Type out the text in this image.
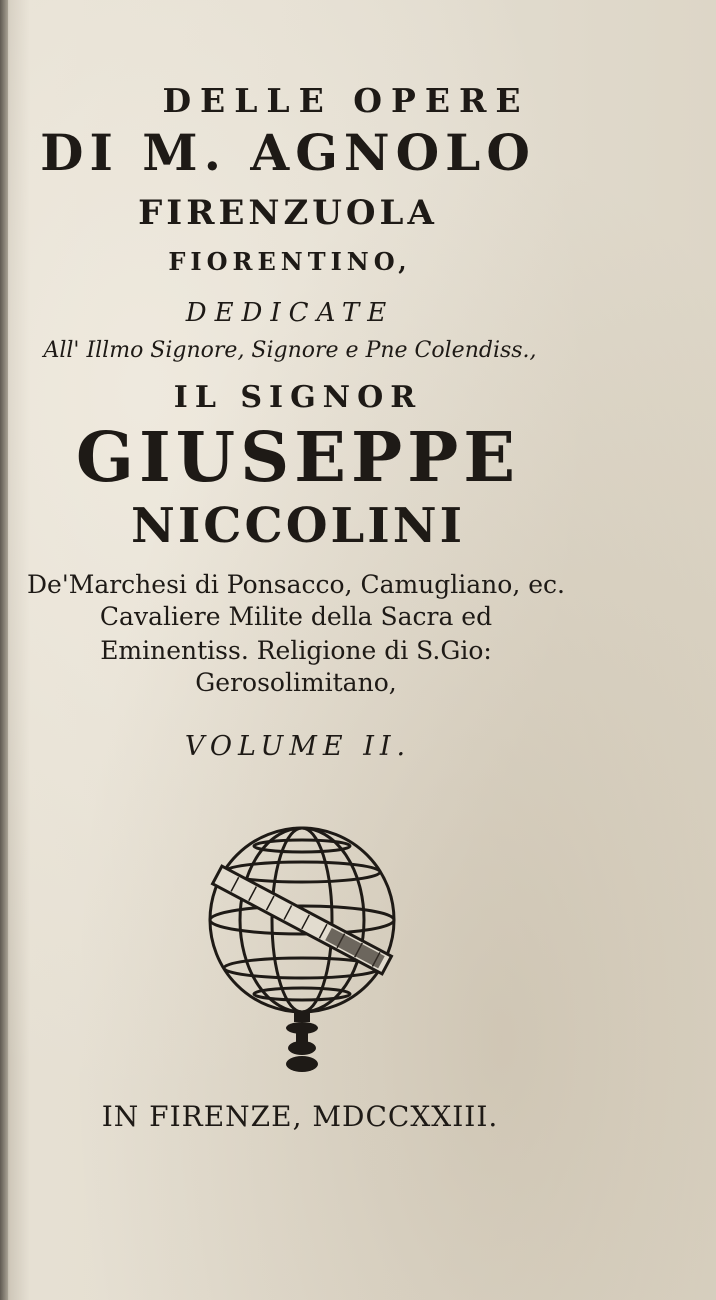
DELLE OPERE
DI M. AGNOLO
FIRENZUOLA
FIORENTINO,
DEDICATE
All' Illmo Signore, Signore e Pne Colendiss.,
IL SIGNOR
GIUSEPPE
NICCOLINI
De'Marchesi di Ponsacco, Camugliano, ec.
Cavaliere Milite della Sacra ed
Eminentiss. Religione di S.Gio:
Gerosolimitano,
VOLUME II.
IN FIRENZE, MDCCXXIII.
